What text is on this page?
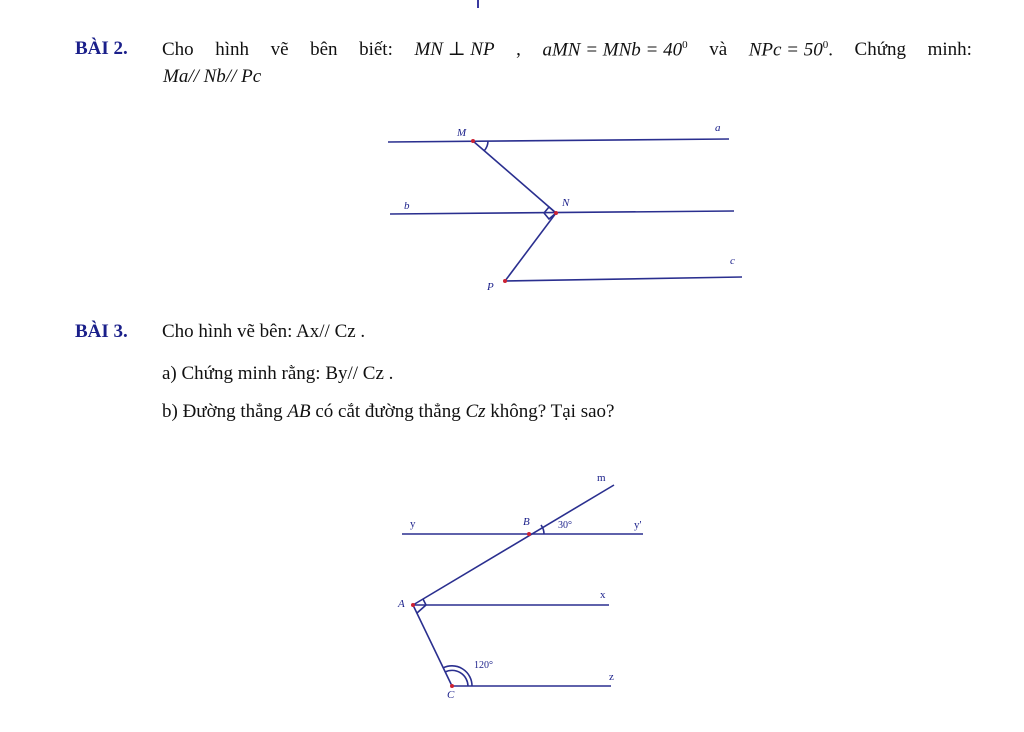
BÀI 2. Cho hình vẽ bên biết: MN ⊥ NP , aMN = MNb = $40^0$ và NPc = $50^0$. Chứng minh:
Ma// Nb// Pc
BÀI 3. Cho hình vẽ bên: Ax// Cz .
a) Chứng minh rằng: By// Cz .
b) Đường thẳng AB có cắt đường thẳng Cz không? Tại sao?
M	a
b	N
c
P
m
y	B	30°	y'
A
x
120°
z
C
